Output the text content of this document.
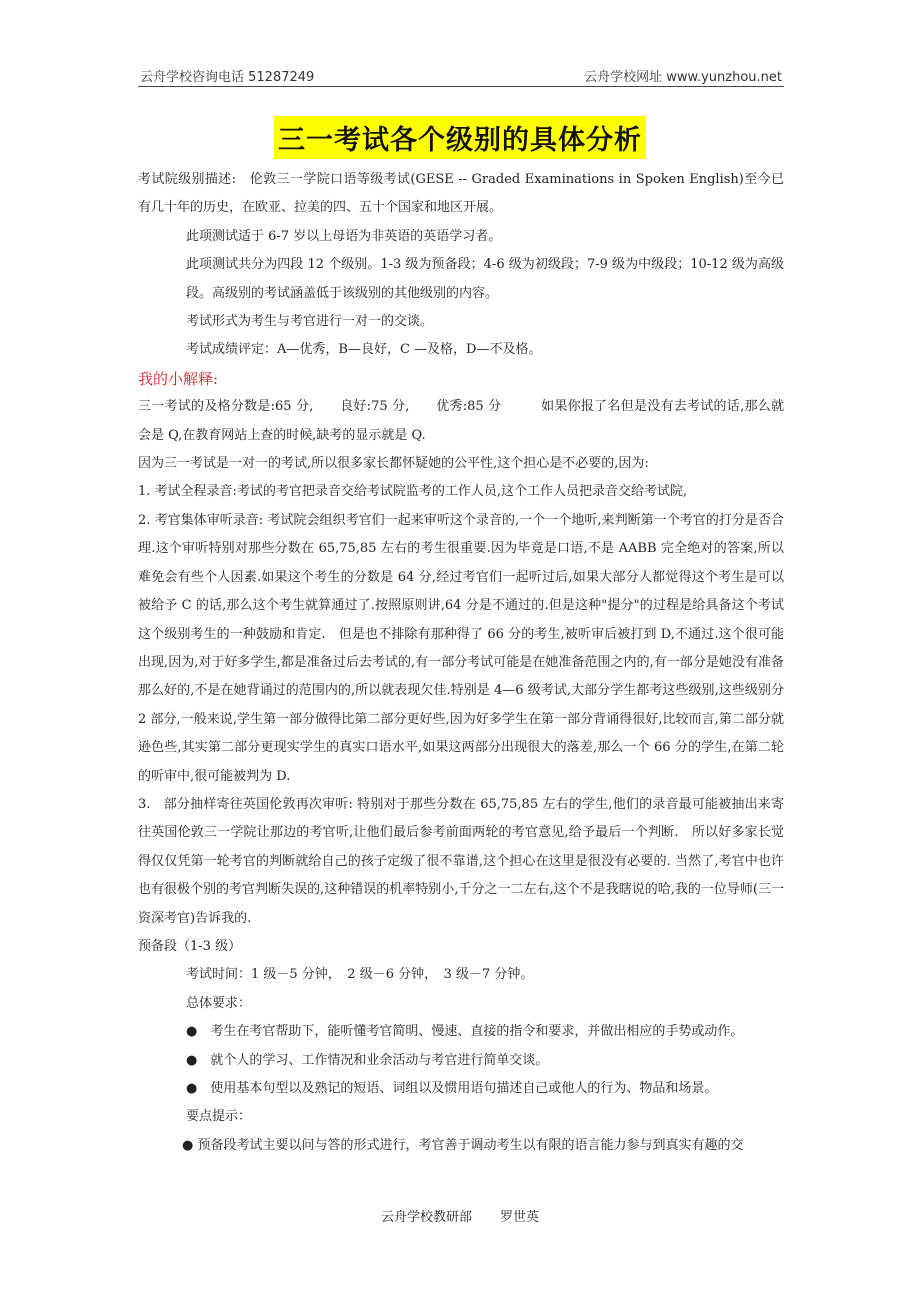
云舟学校咨询电话 51287249	云舟学校网址 www.yunzhou.net
三一考试各个级别的具体分析

考试院级别描述:　伦敦三一学院口语等级考试(GESE -- Graded Examinations in Spoken English)至今已有几十年的历史，在欧亚、拉美的四、五十个国家和地区开展。

此项测试适于 6-7 岁以上母语为非英语的英语学习者。

此项测试共分为四段 12 个级别。1-3 级为预备段；4-6 级为初级段；7-9 级为中级段；10-12 级为高级段。高级别的考试涵盖低于该级别的其他级别的内容。

考试形式为考生与考官进行一对一的交谈。

考试成绩评定：A—优秀，B—良好，C —及格，D—不及格。

我的小解释:

三一考试的及格分数是:65 分,　　良好:75 分,　　优秀:85 分　　　如果你报了名但是没有去考试的话,那么就会是 Q,在教育网站上查的时候,缺考的显示就是 Q.

因为三一考试是一对一的考试,所以很多家长都怀疑她的公平性,这个担心是不必要的,因为:

1. 考试全程录音:考试的考官把录音交给考试院监考的工作人员,这个工作人员把录音交给考试院,

2. 考官集体审听录音: 考试院会组织考官们一起来审听这个录音的,一个一个地听,来判断第一个考官的打分是否合理.这个审听特别对那些分数在 65,75,85 左右的考生很重要.因为毕竟是口语,不是 AABB 完全绝对的答案,所以难免会有些个人因素.如果这个考生的分数是 64 分,经过考官们一起听过后,如果大部分人都觉得这个考生是可以被给予 C 的话,那么这个考生就算通过了.按照原则讲,64 分是不通过的.但是这种"提分"的过程是给具备这个考试这个级别考生的一种鼓励和肯定.　但是也不排除有那种得了 66 分的考生,被听审后被打到 D,不通过.这个很可能出现,因为,对于好多学生,都是准备过后去考试的,有一部分考试可能是在她准备范围之内的,有一部分是她没有准备那么好的,不是在她背诵过的范围内的,所以就表现欠佳.特别是 4—6 级考试,大部分学生都考这些级别,这些级别分 2 部分,一般来说,学生第一部分做得比第二部分更好些,因为好多学生在第一部分背诵得很好,比较而言,第二部分就逊色些,其实第二部分更现实学生的真实口语水平,如果这两部分出现很大的落差,那么一个 66 分的学生,在第二轮的听审中,很可能被判为 D.

3.　部分抽样寄往英国伦敦再次审听: 特别对于那些分数在 65,75,85 左右的学生,他们的录音最可能被抽出来寄往英国伦敦三一学院让那边的考官听,让他们最后参考前面两轮的考官意见,给予最后一个判断.　所以好多家长觉得仅仅凭第一轮考官的判断就给自己的孩子定级了很不靠谱,这个担心在这里是很没有必要的. 当然了,考官中也许也有很极个别的考官判断失误的,这种错误的机率特别小,千分之一二左右,这个不是我瞎说的哈,我的一位导师(三一资深考官)告诉我的.

预备段（1-3 级）

考试时间：1 级－5 分钟，　2 级－6 分钟，　3 级－7 分钟。

总体要求：

●　考生在考官帮助下，能听懂考官简明、慢速、直接的指令和要求，并做出相应的手势或动作。

●　就个人的学习、工作情况和业余活动与考官进行简单交谈。

●　使用基本句型以及熟记的短语、词组以及惯用语句描述自己或他人的行为、物品和场景。

要点提示：

● 预备段考试主要以问与答的形式进行，考官善于调动考生以有限的语言能力参与到真实有趣的交

云舟学校教研部 罗世英
